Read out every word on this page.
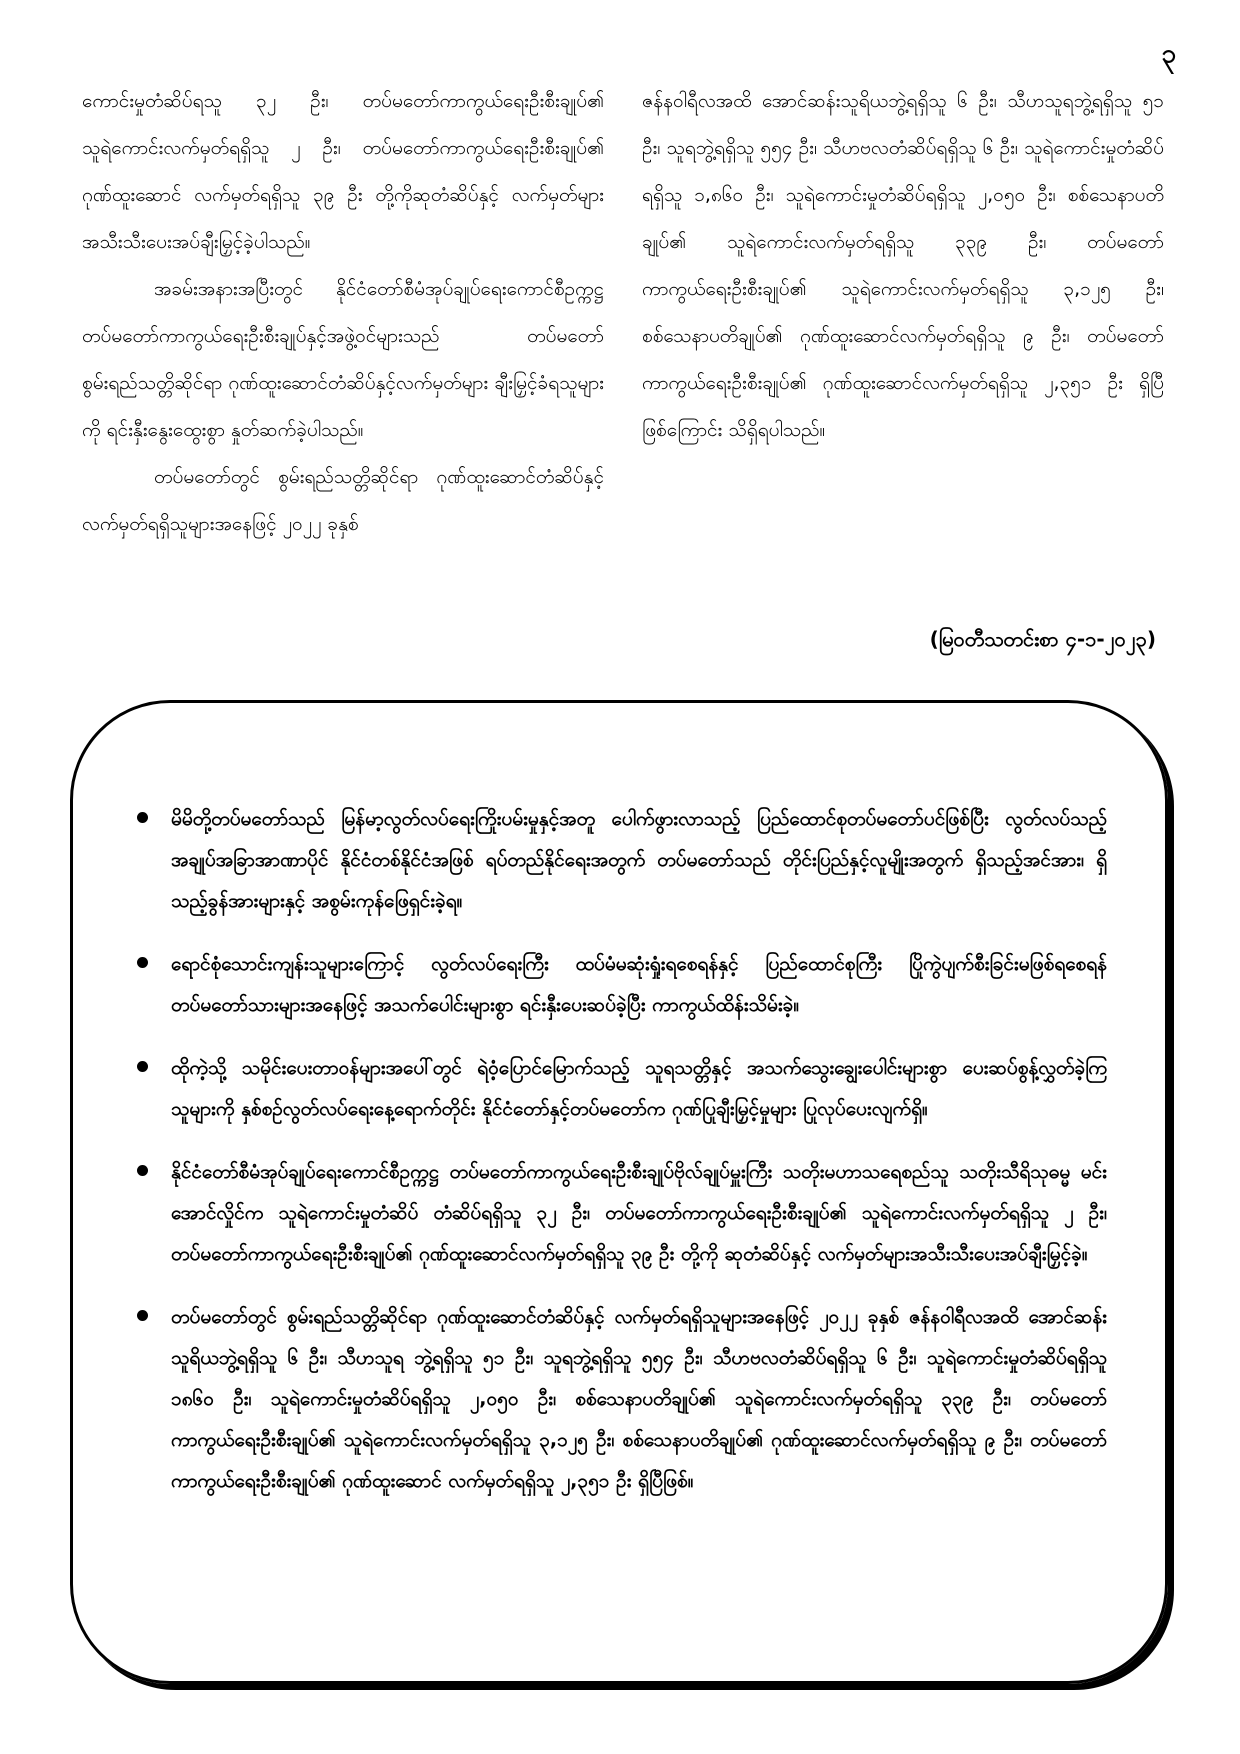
၃

ကောင်းမှုတံဆိပ်ရသူ ၃၂ ဦး၊ တပ်မတော်ကာကွယ်ရေးဦးစီးချုပ်၏ သူရဲကောင်းလက်မှတ်ရရှိသူ ၂ ဦး၊ တပ်မတော်ကာကွယ်ရေးဦးစီးချုပ်၏ ဂုဏ်ထူးဆောင် လက်မှတ်ရရှိသူ ၃၉ ဦး တို့ကိုဆုတံဆိပ်နှင့် လက်မှတ်များ အသီးသီးပေးအပ်ချီးမြှင့်ခဲ့ပါသည်။

အခမ်းအနားအပြီးတွင် နိုင်ငံတော်စီမံအုပ်ချုပ်ရေးကောင်စီဥက္ကဋ္ဌ တပ်မတော်ကာကွယ်ရေးဦးစီးချုပ်နှင့်အဖွဲ့ဝင်များသည် တပ်မတော်စွမ်းရည်သတ္တိဆိုင်ရာ ဂုဏ်ထူးဆောင်တံဆိပ်နှင့်လက်မှတ်များ ချီးမြှင့်ခံရသူများကို ရင်းနှီးနွေးထွေးစွာ နှုတ်ဆက်ခဲ့ပါသည်။

တပ်မတော်တွင် စွမ်းရည်သတ္တိဆိုင်ရာ ဂုဏ်ထူးဆောင်တံဆိပ်နှင့် လက်မှတ်ရရှိသူများအနေဖြင့် ၂၀၂၂ ခုနှစ်

ဇန်နဝါရီလအထိ အောင်ဆန်းသူရိယဘွဲ့ရရှိသူ ၆ ဦး၊ သီဟသူရဘွဲ့ရရှိသူ ၅၁ ဦး၊ သူရဘွဲ့ရရှိသူ ၅၅၄ ဦး၊ သီဟဗလတံဆိပ်ရရှိသူ ၆ ဦး၊ သူရဲကောင်းမှုတံဆိပ်ရရှိသူ ၁,၈၆၀ ဦး၊ သူရဲကောင်းမှုတံဆိပ်ရရှိသူ ၂,၀၅၀ ဦး၊ စစ်သေနာပတိချုပ်၏ သူရဲကောင်းလက်မှတ်ရရှိသူ ၃၃၉ ဦး၊ တပ်မတော်ကာကွယ်ရေးဦးစီးချုပ်၏ သူရဲကောင်းလက်မှတ်ရရှိသူ ၃,၁၂၅ ဦး၊ စစ်သေနာပတိချုပ်၏ ဂုဏ်ထူးဆောင်လက်မှတ်ရရှိသူ ၉ ဦး၊ တပ်မတော်ကာကွယ်ရေးဦးစီးချုပ်၏ ဂုဏ်ထူးဆောင်လက်မှတ်ရရှိသူ ၂,၃၅၁ ဦး ရှိပြီဖြစ်ကြောင်း သိရှိရပါသည်။

(မြဝတီသတင်းစာ ၄-၁-၂၀၂၃)
မိမိတို့တပ်မတော်သည် မြန်မာ့လွတ်လပ်ရေးကြိုးပမ်းမှုနှင့်အတူ ပေါက်ဖွားလာသည့် ပြည်ထောင်စုတပ်မတော်ပင်ဖြစ်ပြီး လွတ်လပ်သည့် အချုပ်အခြာအာဏာပိုင် နိုင်ငံတစ်နိုင်ငံအဖြစ် ရပ်တည်နိုင်ရေးအတွက် တပ်မတော်သည် တိုင်းပြည်နှင့်လူမျိုးအတွက် ရှိသည့်အင်အား၊ ရှိသည့်ခွန်အားများနှင့် အစွမ်းကုန်ဖြေရှင်းခဲ့ရ။
ရောင်စုံသောင်းကျန်းသူများကြောင့် လွတ်လပ်ရေးကြီး ထပ်မံမဆုံးရှုံးရစေရန်နှင့် ပြည်ထောင်စုကြီး ပြိုကွဲပျက်စီးခြင်းမဖြစ်ရစေရန် တပ်မတော်သားများအနေဖြင့် အသက်ပေါင်းများစွာ ရင်းနှီးပေးဆပ်ခဲ့ပြီး ကာကွယ်ထိန်းသိမ်းခဲ့။
ထိုကဲ့သို့ သမိုင်းပေးတာဝန်များအပေါ်တွင် ရဲဝံ့ပြောင်မြောက်သည့် သူရသတ္တိနှင့် အသက်သွေးချွေးပေါင်းများစွာ ပေးဆပ်စွန့်လွှတ်ခဲ့ကြသူများကို နှစ်စဉ်လွတ်လပ်ရေးနေ့ရောက်တိုင်း နိုင်ငံတော်နှင့်တပ်မတော်က ဂုဏ်ပြုချီးမြှင့်မှုများ ပြုလုပ်ပေးလျက်ရှိ။
နိုင်ငံတော်စီမံအုပ်ချုပ်ရေးကောင်စီဥက္ကဋ္ဌ တပ်မတော်ကာကွယ်ရေးဦးစီးချုပ်ဗိုလ်ချုပ်မှူးကြီး သတိုးမဟာသရေစည်သူ သတိုးသီရိသုဓမ္မ မင်းအောင်လှိုင်က သူရဲကောင်းမှုတံဆိပ် တံဆိပ်ရရှိသူ ၃၂ ဦး၊ တပ်မတော်ကာကွယ်ရေးဦးစီးချုပ်၏ သူရဲကောင်းလက်မှတ်ရရှိသူ ၂ ဦး၊ တပ်မတော်ကာကွယ်ရေးဦးစီးချုပ်၏ ဂုဏ်ထူးဆောင်လက်မှတ်ရရှိသူ ၃၉ ဦး တို့ကို ဆုတံဆိပ်နှင့် လက်မှတ်များအသီးသီးပေးအပ်ချီးမြှင့်ခဲ့။
တပ်မတော်တွင် စွမ်းရည်သတ္တိဆိုင်ရာ ဂုဏ်ထူးဆောင်တံဆိပ်နှင့် လက်မှတ်ရရှိသူများအနေဖြင့် ၂၀၂၂ ခုနှစ် ဇန်နဝါရီလအထိ အောင်ဆန်းသူရိယဘွဲ့ရရှိသူ ၆ ဦး၊ သီဟသူရ ဘွဲ့ရရှိသူ ၅၁ ဦး၊ သူရဘွဲ့ရရှိသူ ၅၅၄ ဦး၊ သီဟဗလတံဆိပ်ရရှိသူ ၆ ဦး၊ သူရဲကောင်းမှုတံဆိပ်ရရှိသူ ၁၈၆၀ ဦး၊ သူရဲကောင်းမှုတံဆိပ်ရရှိသူ ၂,၀၅၀ ဦး၊ စစ်သေနာပတိချုပ်၏ သူရဲကောင်းလက်မှတ်ရရှိသူ ၃၃၉ ဦး၊ တပ်မတော်ကာကွယ်ရေးဦးစီးချုပ်၏ သူရဲကောင်းလက်မှတ်ရရှိသူ ၃,၁၂၅ ဦး၊ စစ်သေနာပတိချုပ်၏ ဂုဏ်ထူးဆောင်လက်မှတ်ရရှိသူ ၉ ဦး၊ တပ်မတော်ကာကွယ်ရေးဦးစီးချုပ်၏ ဂုဏ်ထူးဆောင် လက်မှတ်ရရှိသူ ၂,၃၅၁ ဦး ရှိပြီဖြစ်။
